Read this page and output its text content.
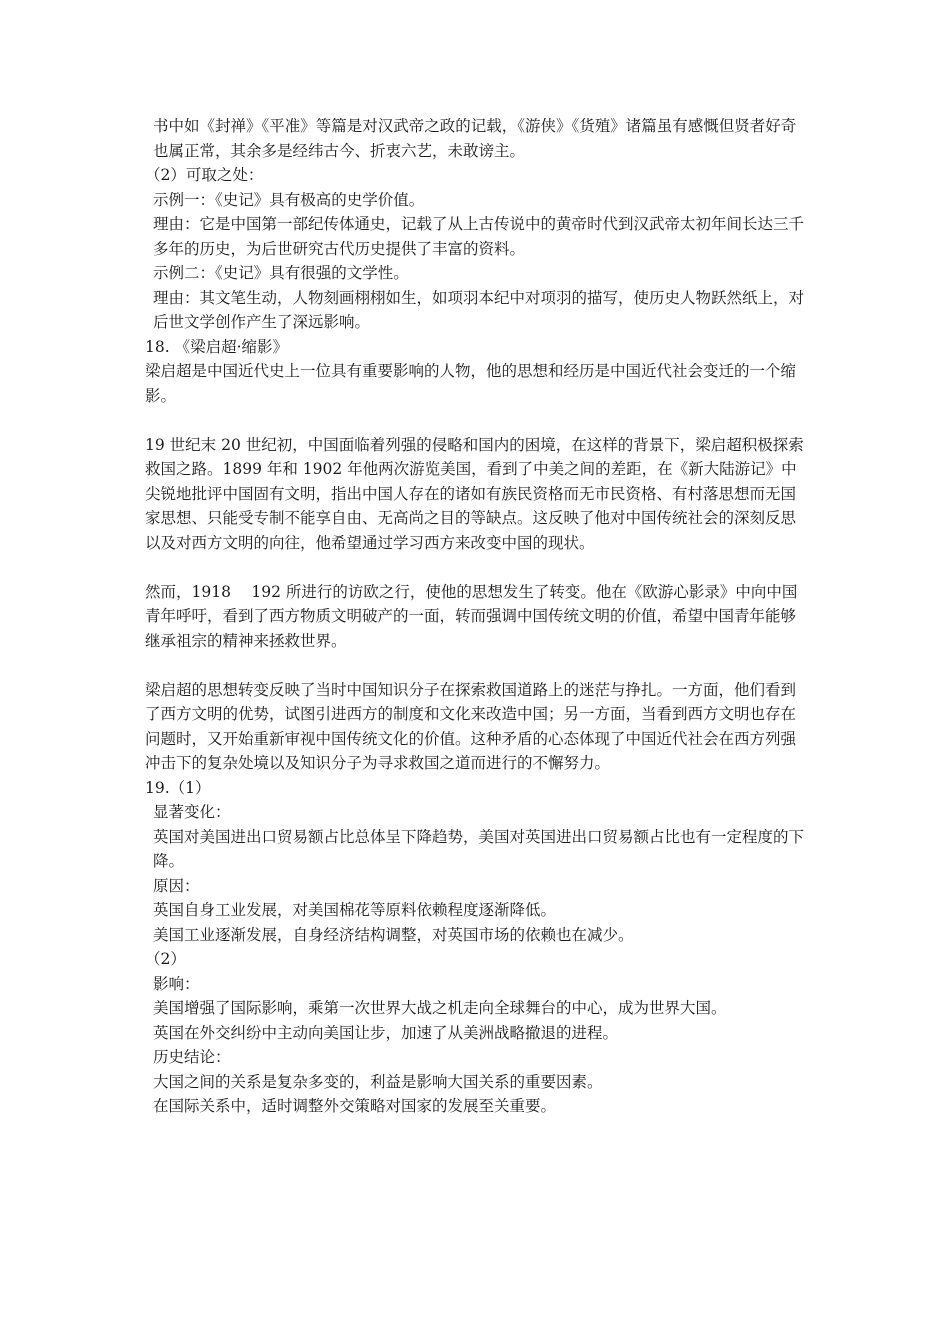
书中如《封禅》《平准》等篇是对汉武帝之政的记载，《游侠》《货殖》诸篇虽有感慨但贤者好奇也属正常，其余多是经纬古今、折衷六艺，未敢谤主。

（2）可取之处：

示例一：《史记》具有极高的史学价值。

理由：它是中国第一部纪传体通史，记载了从上古传说中的黄帝时代到汉武帝太初年间长达三千多年的历史，为后世研究古代历史提供了丰富的资料。

示例二：《史记》具有很强的文学性。

理由：其文笔生动，人物刻画栩栩如生，如项羽本纪中对项羽的描写，使历史人物跃然纸上，对后世文学创作产生了深远影响。

18. 《梁启超·缩影》

梁启超是中国近代史上一位具有重要影响的人物，他的思想和经历是中国近代社会变迁的一个缩影。

19 世纪末 20 世纪初，中国面临着列强的侵略和国内的困境，在这样的背景下，梁启超积极探索救国之路。1899 年和 1902 年他两次游览美国，看到了中美之间的差距，在《新大陆游记》中尖锐地批评中国固有文明，指出中国人存在的诸如有族民资格而无市民资格、有村落思想而无国家思想、只能受专制不能享自由、无高尚之目的等缺点。这反映了他对中国传统社会的深刻反思以及对西方文明的向往，他希望通过学习西方来改变中国的现状。

然而，1918 　192 所进行的访欧之行，使他的思想发生了转变。他在《欧游心影录》中向中国青年呼吁，看到了西方物质文明破产的一面，转而强调中国传统文明的价值，希望中国青年能够继承祖宗的精神来拯救世界。

梁启超的思想转变反映了当时中国知识分子在探索救国道路上的迷茫与挣扎。一方面，他们看到了西方文明的优势，试图引进西方的制度和文化来改造中国；另一方面，当看到西方文明也存在问题时，又开始重新审视中国传统文化的价值。这种矛盾的心态体现了中国近代社会在西方列强冲击下的复杂处境以及知识分子为寻求救国之道而进行的不懈努力。

19.（1）

显著变化：

英国对美国进出口贸易额占比总体呈下降趋势，美国对英国进出口贸易额占比也有一定程度的下降。

原因：

英国自身工业发展，对美国棉花等原料依赖程度逐渐降低。

美国工业逐渐发展，自身经济结构调整，对英国市场的依赖也在减少。

（2）

影响：

美国增强了国际影响，乘第一次世界大战之机走向全球舞台的中心，成为世界大国。

英国在外交纠纷中主动向美国让步，加速了从美洲战略撤退的进程。

历史结论：

大国之间的关系是复杂多变的，利益是影响大国关系的重要因素。

在国际关系中，适时调整外交策略对国家的发展至关重要。
